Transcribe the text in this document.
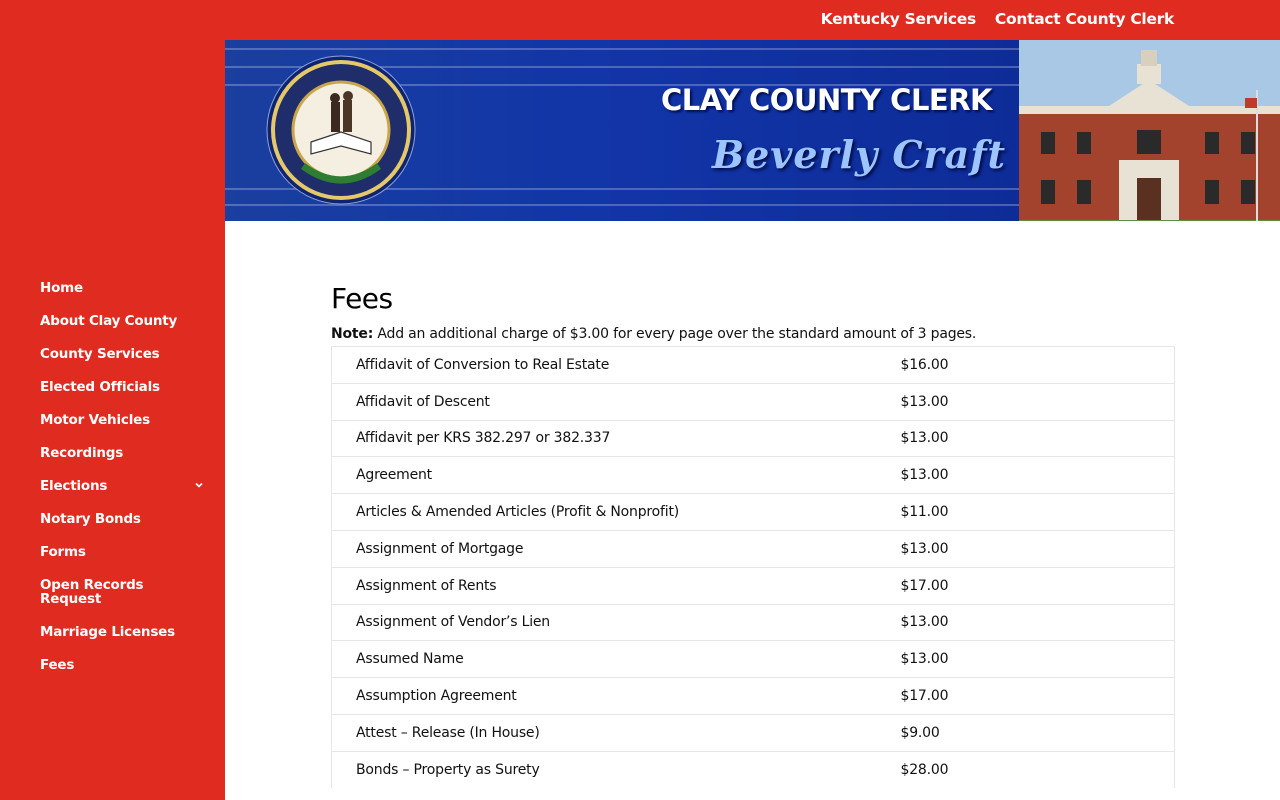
Home
About Clay County
County Services
Elected Officials
Motor Vehicles
Recordings
Elections
Notary Bonds
Forms
Open Records Request
Marriage Licenses
Fees
Kentucky Services Contact County Clerk
CLAY COUNTY CLERK
Beverly Craft
Fees

Note: Add an additional charge of $3.00 for every page over the standard amount of 3 pages.

Affidavit of Conversion to Real Estate	$16.00
Affidavit of Descent	$13.00
Affidavit per KRS 382.297 or 382.337	$13.00
Agreement	$13.00
Articles & Amended Articles (Profit & Nonprofit)	$11.00
Assignment of Mortgage	$13.00
Assignment of Rents	$17.00
Assignment of Vendor’s Lien	$13.00
Assumed Name	$13.00
Assumption Agreement	$17.00
Attest – Release (In House)	$9.00
Bonds – Property as Surety	$28.00
